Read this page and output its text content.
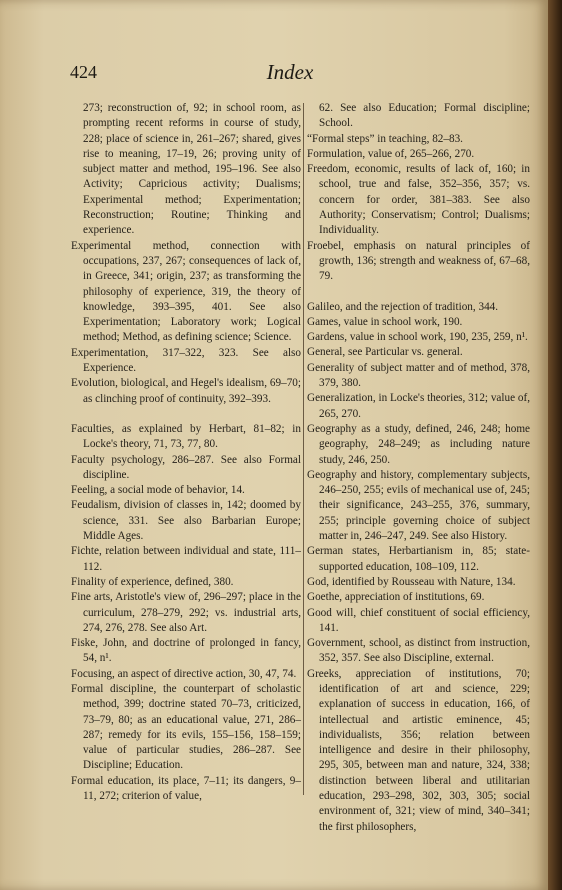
424	Index

273; reconstruction of, 92; in school room, as prompting recent reforms in course of study, 228; place of science in, 261–267; shared, gives rise to meaning, 17–19, 26; proving unity of subject matter and method, 195–196. See also Activity; Capricious activity; Dualisms; Experimental method; Experimentation; Reconstruction; Routine; Thinking and experience.

Experimental method, connection with occupations, 237, 267; consequences of lack of, in Greece, 341; origin, 237; as transforming the philosophy of experience, 319, the theory of knowledge, 393–395, 401. See also Experimentation; Laboratory work; Logical method; Method, as defining science; Science.

Experimentation, 317–322, 323. See also Experience.

Evolution, biological, and Hegel's idealism, 69–70; as clinching proof of continuity, 392–393.

Faculties, as explained by Herbart, 81–82; in Locke's theory, 71, 73, 77, 80.

Faculty psychology, 286–287. See also Formal discipline.

Feeling, a social mode of behavior, 14.

Feudalism, division of classes in, 142; doomed by science, 331. See also Barbarian Europe; Middle Ages.

Fichte, relation between individual and state, 111–112.

Finality of experience, defined, 380.

Fine arts, Aristotle's view of, 296–297; place in the curriculum, 278–279, 292; vs. industrial arts, 274, 276, 278. See also Art.

Fiske, John, and doctrine of prolonged in fancy, 54, n¹.

Focusing, an aspect of directive action, 30, 47, 74.

Formal discipline, the counterpart of scholastic method, 399; doctrine stated 70–73, criticized, 73–79, 80; as an educational value, 271, 286–287; remedy for its evils, 155–156, 158–159; value of particular studies, 286–287. See Discipline; Education.

Formal education, its place, 7–11; its dangers, 9–11, 272; criterion of value,

62. See also Education; Formal discipline; School.

“Formal steps” in teaching, 82–83.

Formulation, value of, 265–266, 270.

Freedom, economic, results of lack of, 160; in school, true and false, 352–356, 357; vs. concern for order, 381–383. See also Authority; Conservatism; Control; Dualisms; Individuality.

Froebel, emphasis on natural principles of growth, 136; strength and weakness of, 67–68, 79.

Galileo, and the rejection of tradition, 344.

Games, value in school work, 190.

Gardens, value in school work, 190, 235, 259, n¹.

General, see Particular vs. general.

Generality of subject matter and of method, 378, 379, 380.

Generalization, in Locke's theories, 312; value of, 265, 270.

Geography as a study, defined, 246, 248; home geography, 248–249; as including nature study, 246, 250.

Geography and history, complementary subjects, 246–250, 255; evils of mechanical use of, 245; their significance, 243–255, 376, summary, 255; principle governing choice of subject matter in, 246–247, 249. See also History.

German states, Herbartianism in, 85; state-supported education, 108–109, 112.

God, identified by Rousseau with Nature, 134.

Goethe, appreciation of institutions, 69.

Good will, chief constituent of social efficiency, 141.

Government, school, as distinct from instruction, 352, 357. See also Discipline, external.

Greeks, appreciation of institutions, 70; identification of art and science, 229; explanation of success in education, 166, of intellectual and artistic eminence, 45; individualists, 356; relation between intelligence and desire in their philosophy, 295, 305, between man and nature, 324, 338; distinction between liberal and utilitarian education, 293–298, 302, 303, 305; social environment of, 321; view of mind, 340–341; the first philosophers,
